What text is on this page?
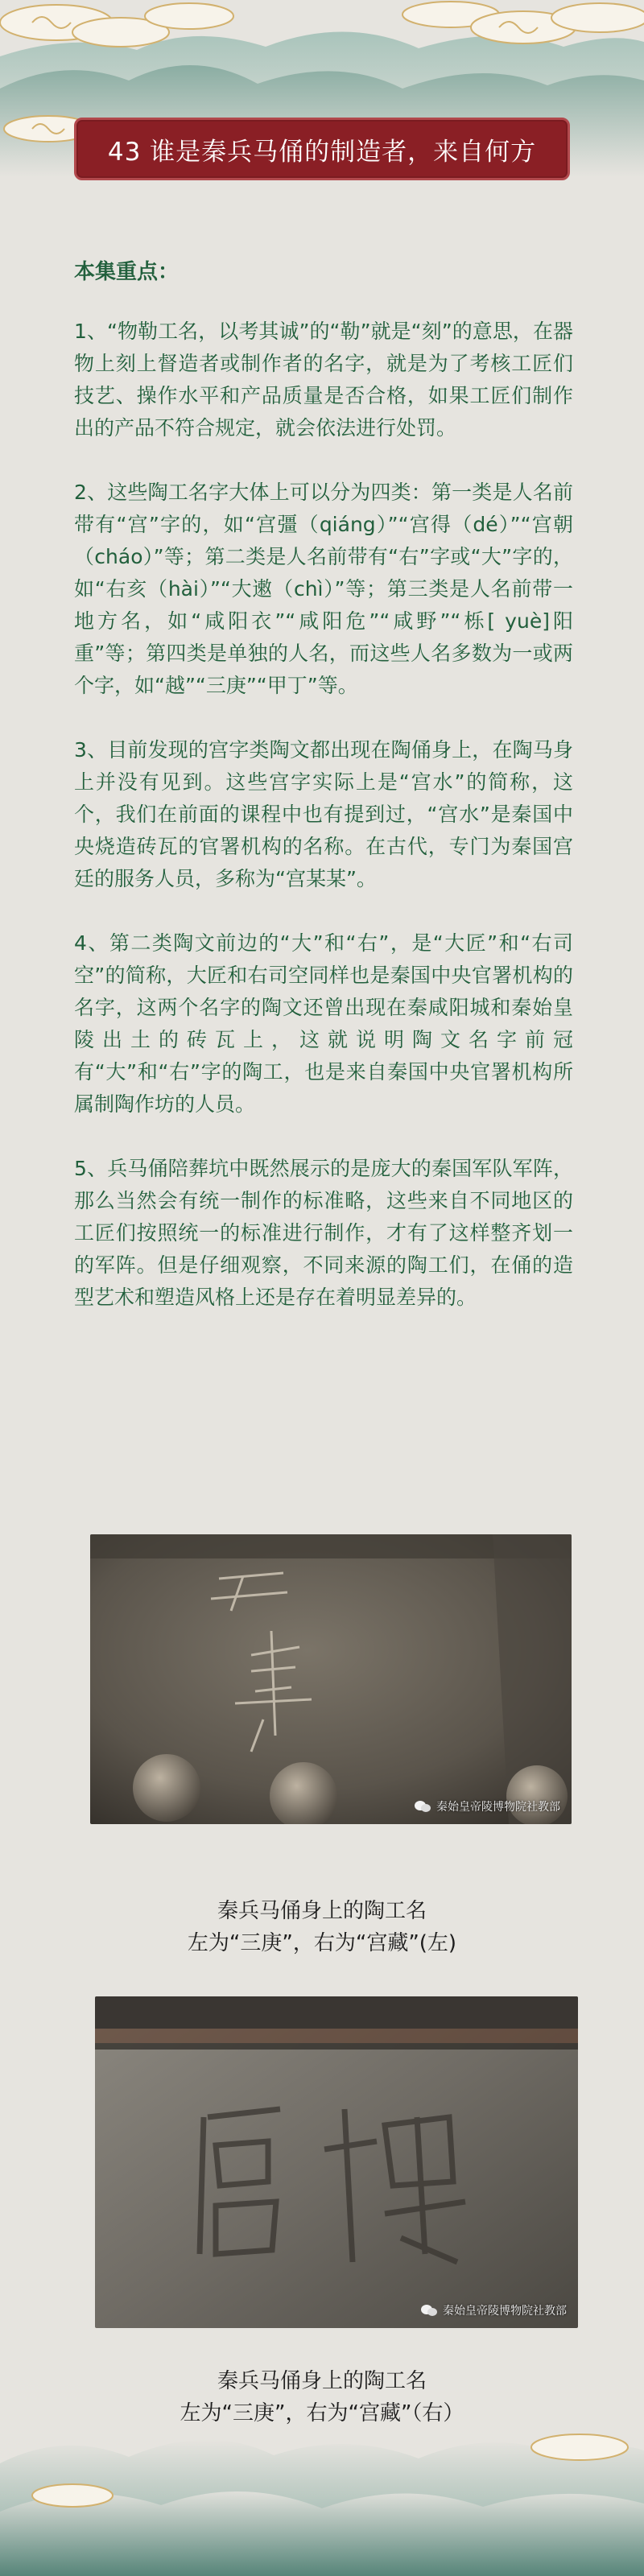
43 谁是秦兵马俑的制造者，来自何方

本集重点：

1、“物勒工名，以考其诚”的“勒”就是“刻”的意思，在器物上刻上督造者或制作者的名字，就是为了考核工匠们技艺、操作水平和产品质量是否合格，如果工匠们制作出的产品不符合规定，就会依法进行处罚。

2、这些陶工名字大体上可以分为四类：第一类是人名前带有“宫”字的，如“宫彊（qiáng）”“宫得（dé）”“宫朝（cháo）”等；第二类是人名前带有“右”字或“大”字的，如“右亥（hài）”“大遫（chì）”等；第三类是人名前带一地方名，如“咸阳衣”“咸阳危”“咸野”“栎[ yuè]阳重”等；第四类是单独的人名，而这些人名多数为一或两个字，如“越”“三庚”“甲丁”等。

3、目前发现的宫字类陶文都出现在陶俑身上，在陶马身上并没有见到。这些宫字实际上是“宫水”的简称，这个，我们在前面的课程中也有提到过，“宫水”是秦国中央烧造砖瓦的官署机构的名称。在古代，专门为秦国宫廷的服务人员，多称为“宫某某”。

4、第二类陶文前边的“大”和“右”，是“大匠”和“右司空”的简称，大匠和右司空同样也是秦国中央官署机构的名字，这两个名字的陶文还曾出现在秦咸阳城和秦始皇陵出土的砖瓦上，这就说明陶文名字前冠有“大”和“右”字的陶工，也是来自秦国中央官署机构所属制陶作坊的人员。

5、兵马俑陪葬坑中既然展示的是庞大的秦国军队军阵，那么当然会有统一制作的标准略，这些来自不同地区的工匠们按照统一的标准进行制作，才有了这样整齐划一的军阵。但是仔细观察，不同来源的陶工们，在俑的造型艺术和塑造风格上还是存在着明显差异的。

秦始皇帝陵博物院社教部
秦兵马俑身上的陶工名
左为“三庚”，右为“宫藏”(左)
秦始皇帝陵博物院社教部
秦兵马俑身上的陶工名
左为“三庚”，右为“宫藏”（右）
